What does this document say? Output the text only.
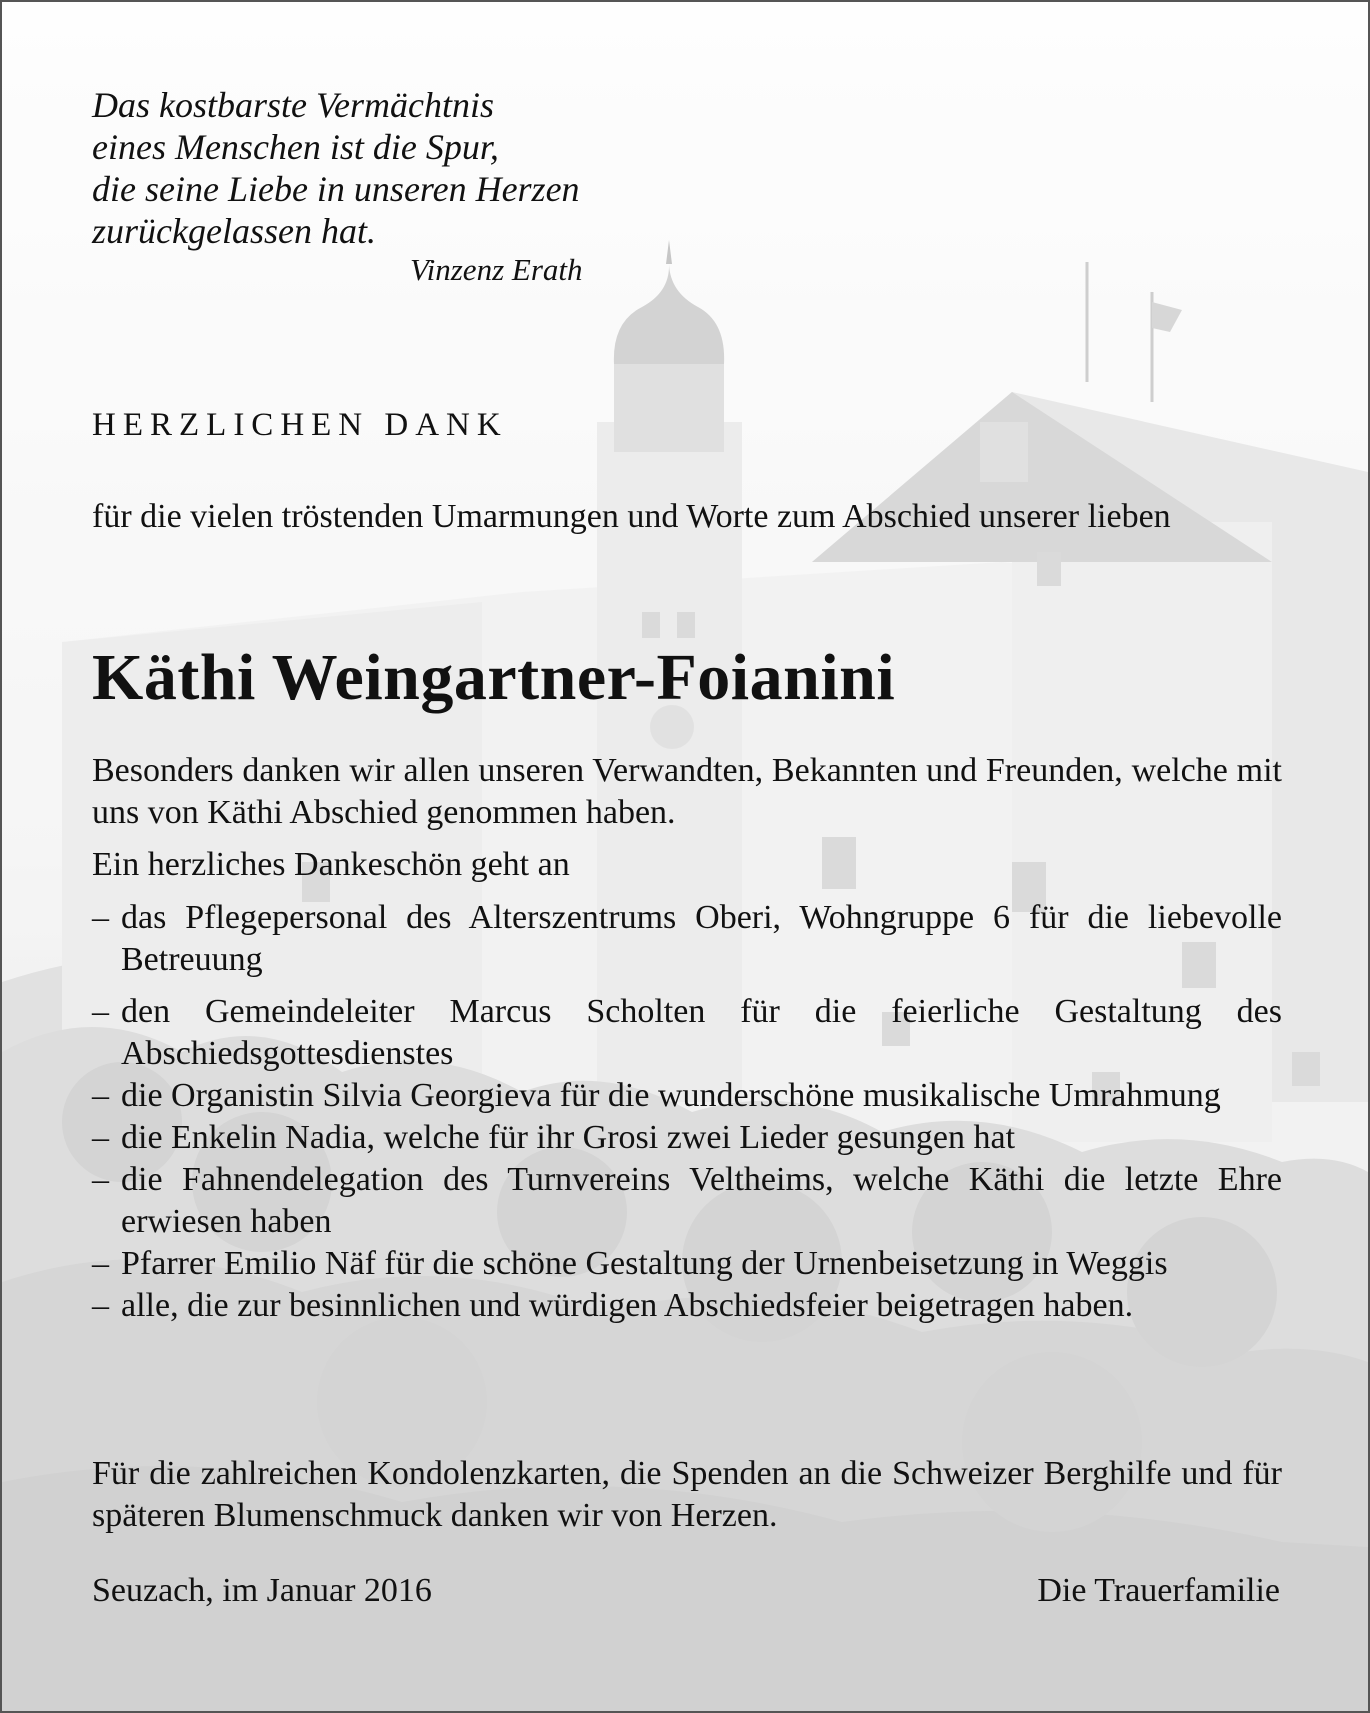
Das kostbarste Vermächtnis
eines Menschen ist die Spur,
die seine Liebe in unseren Herzen
zurückgelassen hat.
Vinzenz Erath
HERZLICHEN DANK
für die vielen tröstenden Umarmungen und Worte zum Abschied unserer lieben
Käthi Weingartner-Foianini
Besonders danken wir allen unseren Verwandten, Bekannten und Freunden, welche mit uns von Käthi Abschied genommen haben.
Ein herzliches Dankeschön geht an
– das Pflegepersonal des Alterszentrums Oberi, Wohngruppe 6 für die liebevolle Betreuung
– den Gemeindeleiter Marcus Scholten für die feierliche Gestaltung des Abschiedsgottesdienstes
– die Organistin Silvia Georgieva für die wunderschöne musikalische Umrahmung
– die Enkelin Nadia, welche für ihr Grosi zwei Lieder gesungen hat
– die Fahnendelegation des Turnvereins Veltheims, welche Käthi die letzte Ehre erwiesen haben
– Pfarrer Emilio Näf für die schöne Gestaltung der Urnenbeisetzung in Weggis
– alle, die zur besinnlichen und würdigen Abschiedsfeier beigetragen haben.
Für die zahlreichen Kondolenzkarten, die Spenden an die Schweizer Berghilfe und für späteren Blumenschmuck danken wir von Herzen.
Seuzach, im Januar 2016	Die Trauerfamilie
